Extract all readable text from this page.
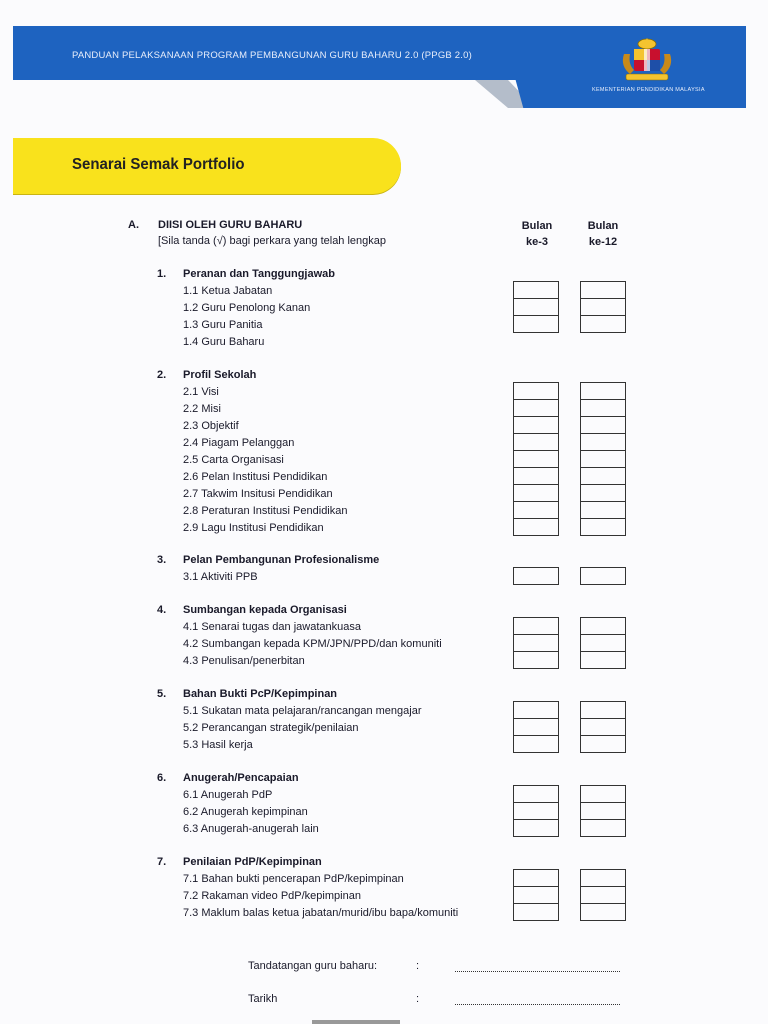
PANDUAN PELAKSANAAN PROGRAM PEMBANGUNAN GURU BAHARU 2.0 (PPGB 2.0)
KEMENTERIAN PENDIDIKAN MALAYSIA
Senarai Semak Portfolio
A. DIISI OLEH GURU BAHARU
[Sila tanda (√) bagi perkara yang telah lengkap
Bulan
ke-3
Bulan
ke-12
1. Peranan dan Tanggungjawab
1.1 Ketua Jabatan
1.2 Guru Penolong Kanan
1.3 Guru Panitia
1.4 Guru Baharu
2. Profil Sekolah
2.1 Visi
2.2 Misi
2.3 Objektif
2.4 Piagam Pelanggan
2.5 Carta Organisasi
2.6 Pelan Institusi Pendidikan
2.7 Takwim Insitusi Pendidikan
2.8 Peraturan Institusi Pendidikan
2.9 Lagu Institusi Pendidikan
3. Pelan Pembangunan Profesionalisme
3.1 Aktiviti PPB
4. Sumbangan kepada Organisasi
4.1 Senarai tugas dan jawatankuasa
4.2 Sumbangan kepada KPM/JPN/PPD/dan komuniti
4.3 Penulisan/penerbitan
5. Bahan Bukti PcP/Kepimpinan
5.1 Sukatan mata pelajaran/rancangan mengajar
5.2 Perancangan strategik/penilaian
5.3 Hasil kerja
6. Anugerah/Pencapaian
6.1 Anugerah PdP
6.2 Anugerah kepimpinan
6.3 Anugerah-anugerah lain
7. Penilaian PdP/Kepimpinan
7.1 Bahan bukti pencerapan PdP/kepimpinan
7.2 Rakaman video PdP/kepimpinan
7.3 Maklum balas ketua jabatan/murid/ibu bapa/komuniti
Tandatangan guru baharu:	:
Tarikh	:
